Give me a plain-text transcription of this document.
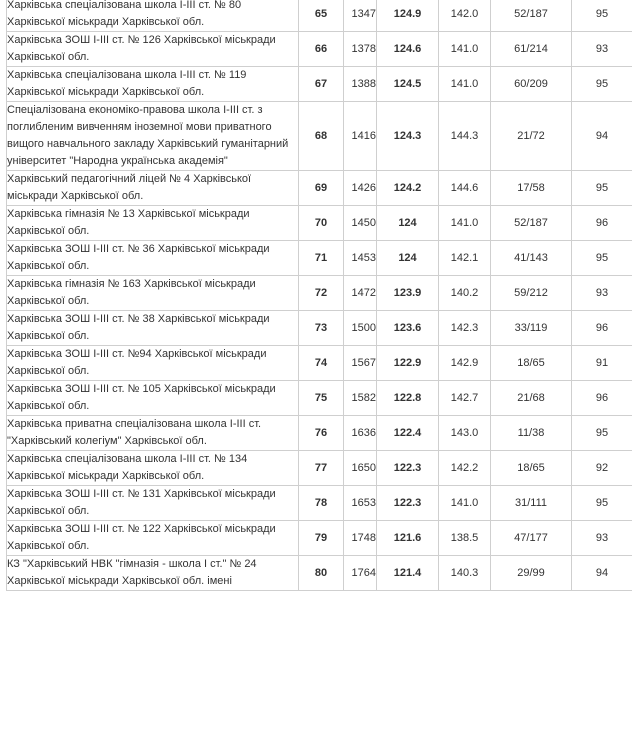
Харківська спеціалізована школа І-ІІІ ст. № 80 Харківської міськради Харківської обл.	65	1347	124.9	142.0	52/187	95
Харківська ЗОШ І-ІІІ ст. № 126 Харківської міськради Харківської обл.	66	1378	124.6	141.0	61/214	93
Харківська спеціалізована школа І-ІІІ ст. № 119 Харківської міськради Харківської обл.	67	1388	124.5	141.0	60/209	95
Спеціалізована економіко-правова школа І-ІІІ ст. з поглибленим вивченням іноземної мови приватного вищого навчального закладу Харківський гуманітарний університет "Народна українська академія"	68	1416	124.3	144.3	21/72	94
Харківський педагогічний ліцей № 4 Харківської міськради Харківської обл.	69	1426	124.2	144.6	17/58	95
Харківська гімназія № 13 Харківської міськради Харківської обл.	70	1450	124	141.0	52/187	96
Харківська ЗОШ І-ІІІ ст. № 36 Харківської міськради Харківської обл.	71	1453	124	142.1	41/143	95
Харківська гімназія № 163 Харківської міськради Харківської обл.	72	1472	123.9	140.2	59/212	93
Харківська ЗОШ І-ІІІ ст. № 38 Харківської міськради Харківської обл.	73	1500	123.6	142.3	33/119	96
Харківська ЗОШ І-ІІІ ст. №94 Харківської міськради Харківської обл.	74	1567	122.9	142.9	18/65	91
Харківська ЗОШ І-ІІІ ст. № 105 Харківської міськради Харківської обл.	75	1582	122.8	142.7	21/68	96
Харківська приватна спеціалізована школа І-ІІІ ст. "Харківський колегіум" Харківської обл.	76	1636	122.4	143.0	11/38	95
Харківська спеціалізована школа І-ІІІ ст. № 134 Харківської міськради Харківської обл.	77	1650	122.3	142.2	18/65	92
Харківська ЗОШ І-ІІІ ст. № 131 Харківської міськради Харківської обл.	78	1653	122.3	141.0	31/111	95
Харківська ЗОШ І-ІІІ ст. № 122 Харківської міськради Харківської обл.	79	1748	121.6	138.5	47/177	93
КЗ "Харківський НВК "гімназія - школа І ст." № 24 Харківської міськради Харківської обл. імені	80	1764	121.4	140.3	29/99	94
